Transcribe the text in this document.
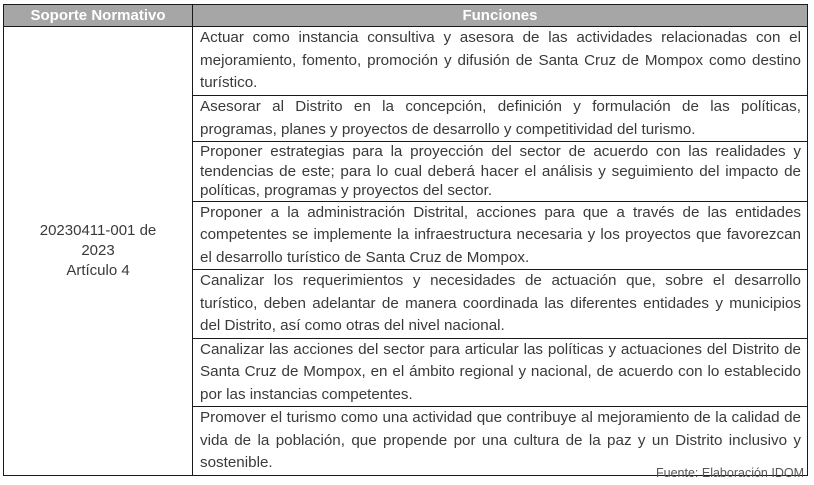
Soporte Normativo	Funciones

20230411-001 de
2023
Artículo 4	Actuar como instancia consultiva y asesora de las actividades relacionadas con el mejoramiento, fomento, promoción y difusión de Santa Cruz de Mompox como destino turístico.
	Asesorar al Distrito en la concepción, definición y formulación de las políticas, programas, planes y proyectos de desarrollo y competitividad del turismo.
	Proponer estrategias para la proyección del sector de acuerdo con las realidades y tendencias de este; para lo cual deberá hacer el análisis y seguimiento del impacto de políticas, programas y proyectos del sector.
	Proponer a la administración Distrital, acciones para que a través de las entidades competentes se implemente la infraestructura necesaria y los proyectos que favorezcan el desarrollo turístico de Santa Cruz de Mompox.
	Canalizar los requerimientos y necesidades de actuación que, sobre el desarrollo turístico, deben adelantar de manera coordinada las diferentes entidades y municipios del Distrito, así como otras del nivel nacional.
	Canalizar las acciones del sector para articular las políticas y actuaciones del Distrito de Santa Cruz de Mompox, en el ámbito regional y nacional, de acuerdo con lo establecido por las instancias competentes.
	Promover el turismo como una actividad que contribuye al mejoramiento de la calidad de vida de la población, que propende por una cultura de la paz y un Distrito inclusivo y sostenible.
Fuente: Elaboración IDOM
